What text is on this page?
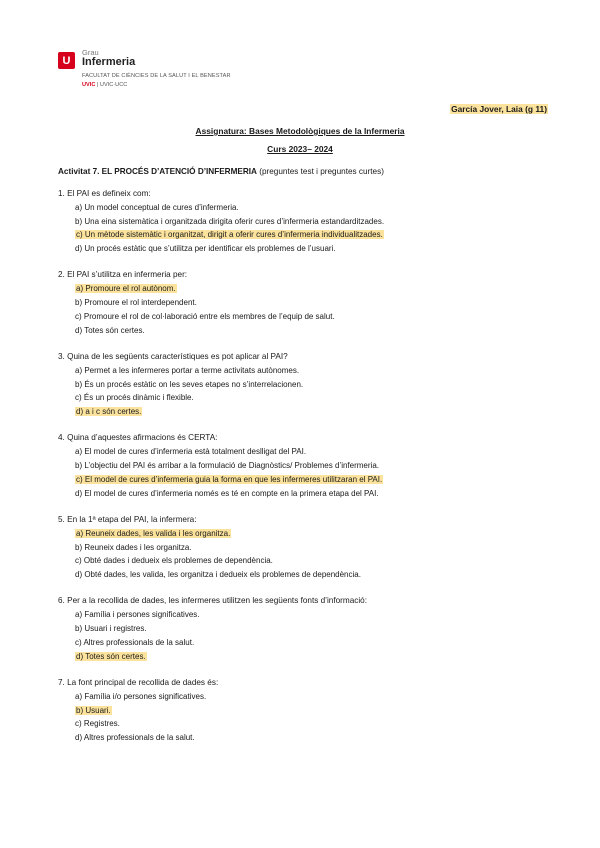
U
Grau
Infermeria
FACULTAT DE CIÈNCIES DE LA SALUT I EL BENESTAR
UVIC | UVIC·UCC
García Jover, Laia (g 11)
Assignatura: Bases Metodològiques de la Infermeria
Curs 2023– 2024
Activitat 7. EL PROCÉS D’ATENCIÓ D’INFERMERIA (preguntes test i preguntes curtes)
1. El PAI es defineix com:
a) Un model conceptual de cures d’infermeria.
b) Una eina sistemàtica i organitzada dirigita oferir cures d’infermeria estandarditzades.
c) Un mètode sistemàtic i organitzat, dirigit a oferir cures d’infermeria individualitzades.
d) Un procés estàtic que s’utilitza per identificar els problemes de l’usuari.
2. El PAI s’utilitza en infermeria per:
a) Promoure el rol autònom.
b) Promoure el rol interdependent.
c) Promoure el rol de col·laboració entre els membres de l’equip de salut.
d) Totes són certes.
3. Quina de les següents característiques es pot aplicar al PAI?
a) Permet a les infermeres portar a terme activitats autònomes.
b) És un procés estàtic on les seves etapes no s’interrelacionen.
c) És un procés dinàmic i flexible.
d) a i c són certes.
4. Quina d’aquestes afirmacions és CERTA:
a) El model de cures d’infermeria està totalment deslligat del PAI.
b) L’objectiu del PAI és arribar a la formulació de Diagnòstics/ Problemes d’infermeria.
c) El model de cures d’infermeria guia la forma en que les infermeres utilitzaran el PAI.
d) El model de cures d’infermeria només es té en compte en la primera etapa del PAI.
5. En la 1ª etapa del PAI, la infermera:
a) Reuneix dades, les valida i les organitza.
b) Reuneix dades i les organitza.
c) Obté dades i dedueix els problemes de dependència.
d) Obté dades, les valida, les organitza i dedueix els problemes de dependència.
6. Per a la recollida de dades, les infermeres utilitzen les següents fonts d’informació:
a) Família i persones significatives.
b) Usuari i registres.
c) Altres professionals de la salut.
d) Totes són certes.
7. La font principal de recollida de dades és:
a) Família i/o persones significatives.
b) Usuari.
c) Registres.
d) Altres professionals de la salut.
